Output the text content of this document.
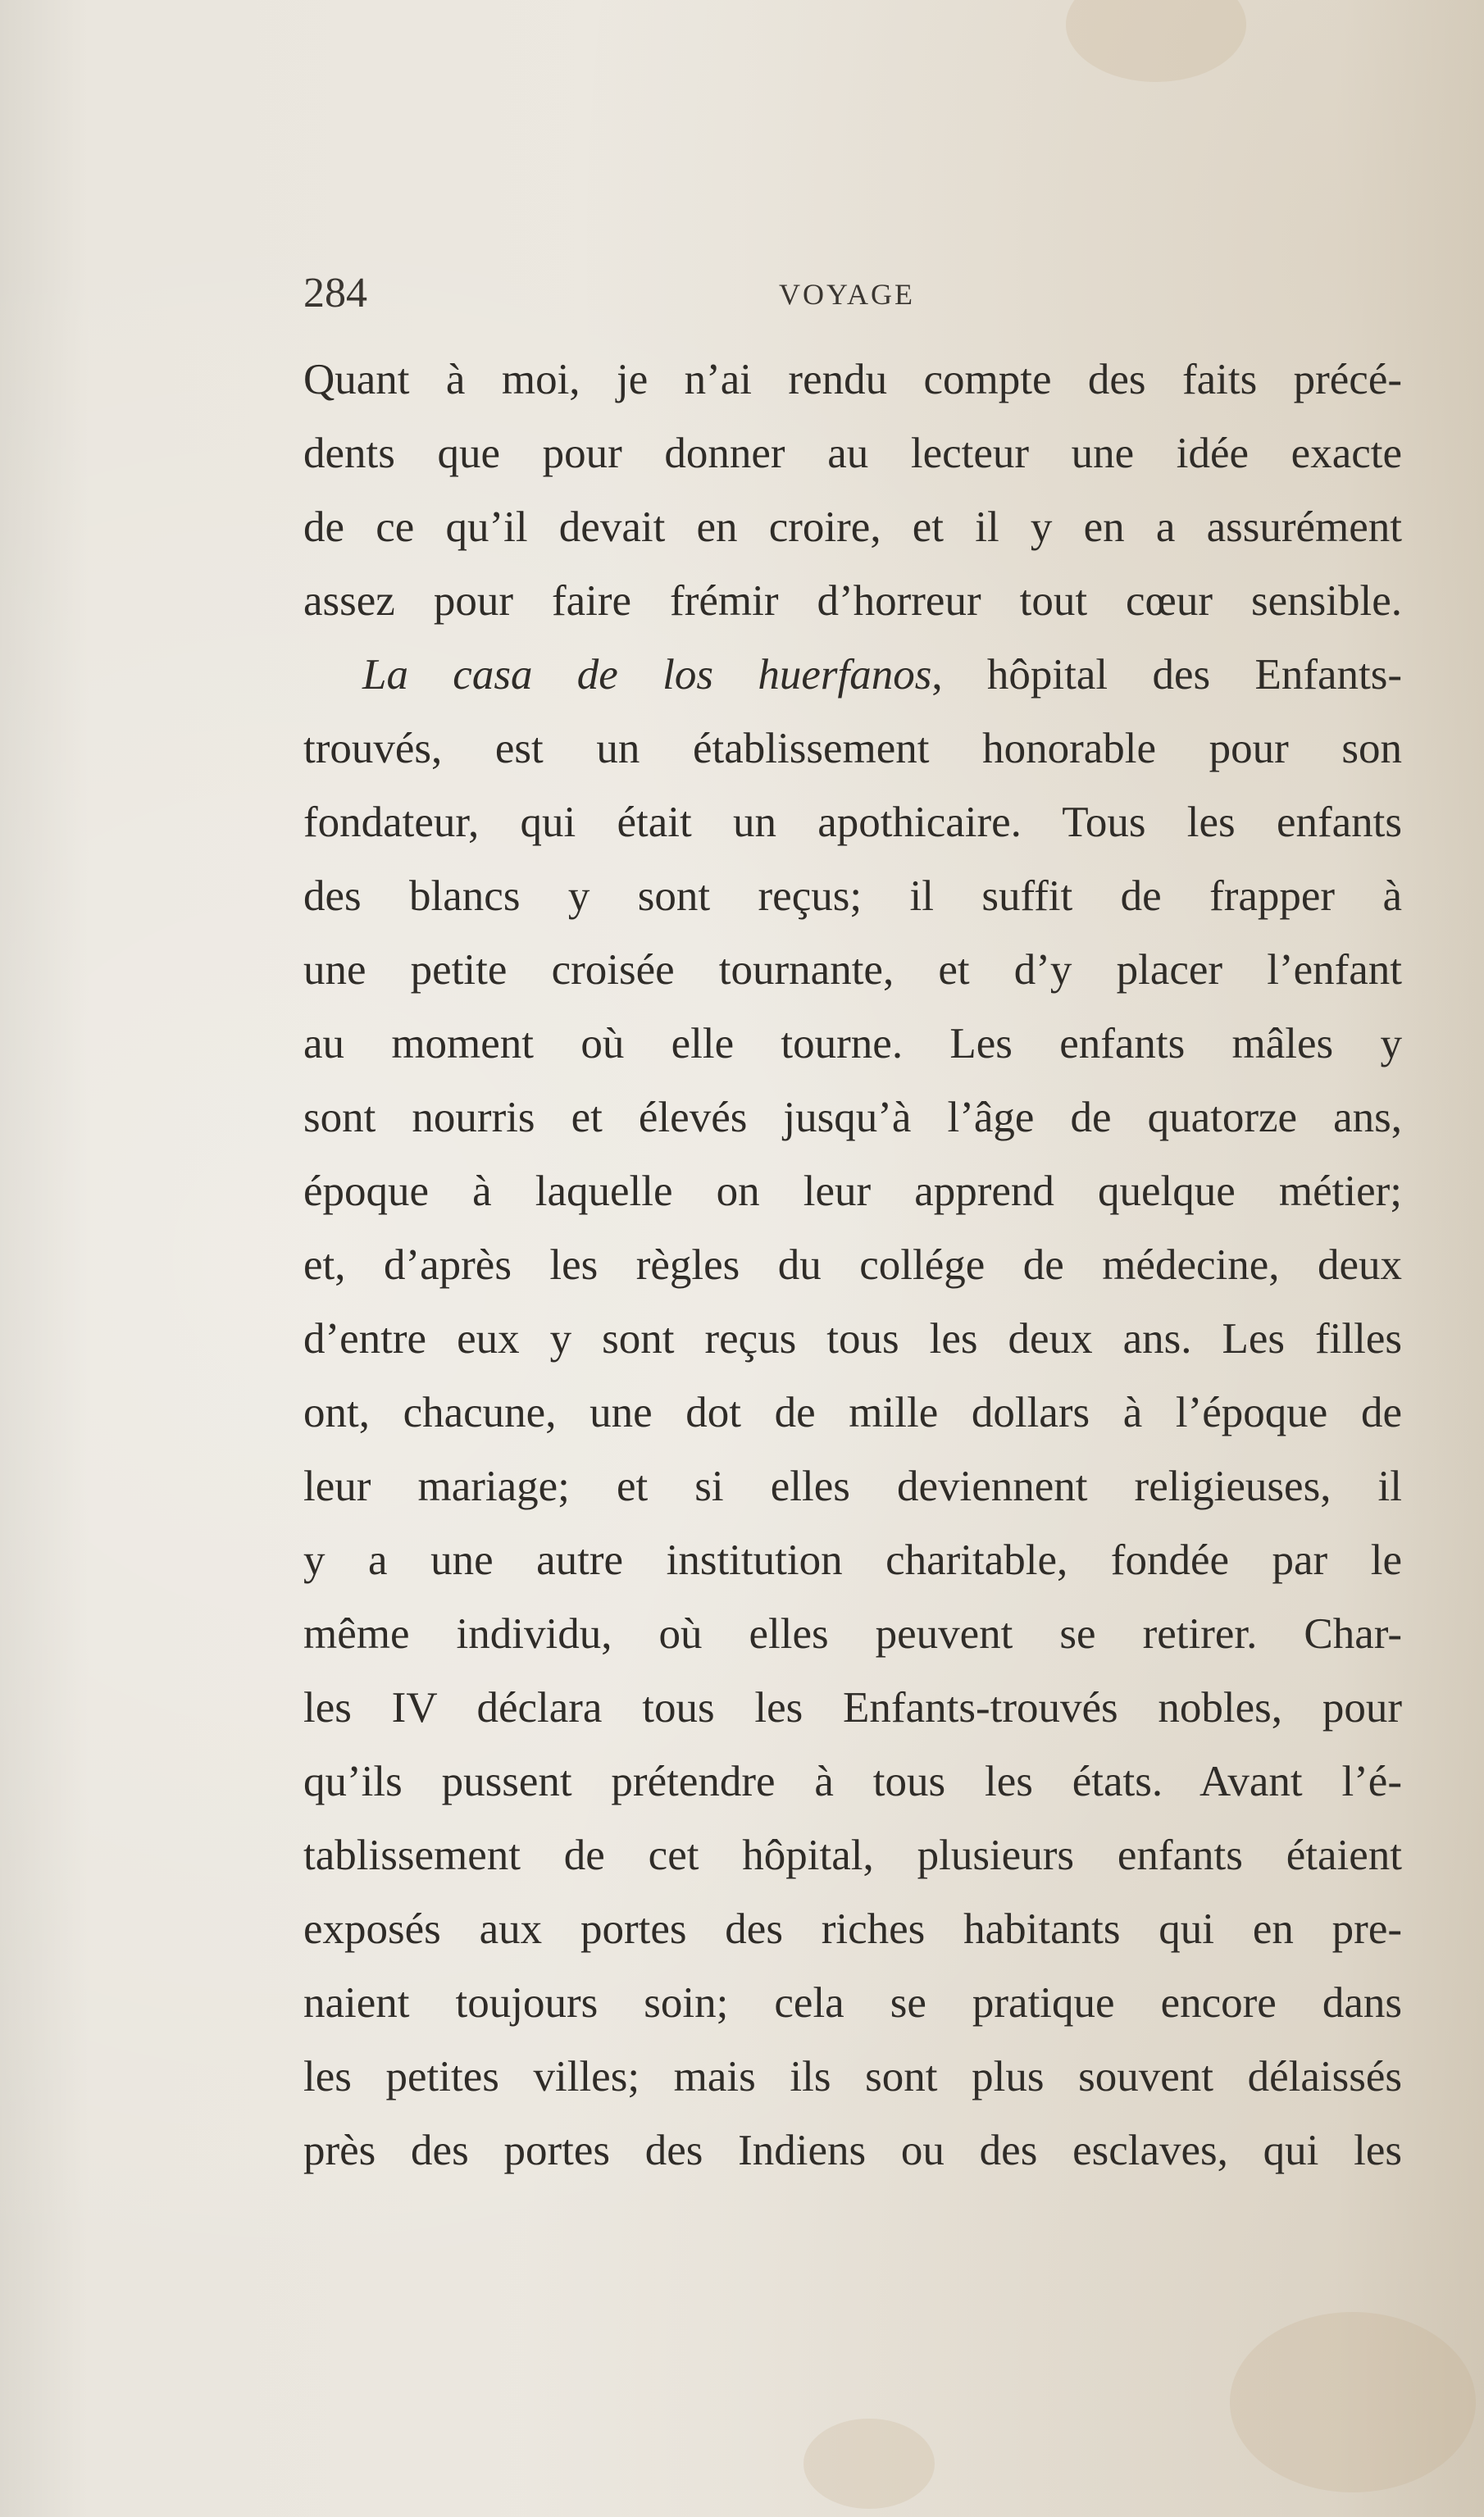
284	VOYAGE
Quant à moi, je n’ai rendu compte des faits précé-
dents que pour donner au lecteur une idée exacte
de ce qu’il devait en croire, et il y en a assurément
assez pour faire frémir d’horreur tout cœur sensible.
La casa de los huerfanos, hôpital des Enfants-
trouvés, est un établissement honorable pour son
fondateur, qui était un apothicaire. Tous les enfants
des blancs y sont reçus; il suffit de frapper à
une petite croisée tournante, et d’y placer l’enfant
au moment où elle tourne. Les enfants mâles y
sont nourris et élevés jusqu’à l’âge de quatorze ans,
époque à laquelle on leur apprend quelque métier;
et, d’après les règles du collége de médecine, deux
d’entre eux y sont reçus tous les deux ans. Les filles
ont, chacune, une dot de mille dollars à l’époque de
leur mariage; et si elles deviennent religieuses, il
y a une autre institution charitable, fondée par le
même individu, où elles peuvent se retirer. Char-
les IV déclara tous les Enfants-trouvés nobles, pour
qu’ils pussent prétendre à tous les états. Avant l’é-
tablissement de cet hôpital, plusieurs enfants étaient
exposés aux portes des riches habitants qui en pre-
naient toujours soin; cela se pratique encore dans
les petites villes; mais ils sont plus souvent délaissés
près des portes des Indiens ou des esclaves, qui les
